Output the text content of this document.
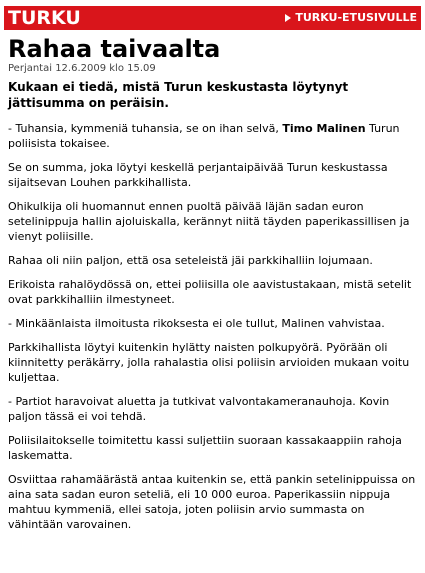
TURKU	TURKU-ETUSIVULLE
Rahaa taivaalta
Perjantai 12.6.2009 klo 15.09

Kukaan ei tiedä, mistä Turun keskustasta löytynyt jättisumma on peräisin.

- Tuhansia, kymmeniä tuhansia, se on ihan selvä, Timo Malinen Turun poliisista tokaisee.

Se on summa, joka löytyi keskellä perjantaipäivää Turun keskustassa sijaitsevan Louhen parkkihallista.

Ohikulkija oli huomannut ennen puoltä päivää läjän sadan euron setelinippuja hallin ajoluiskalla, kerännyt niitä täyden paperikassillisen ja vienyt poliisille.

Rahaa oli niin paljon, että osa seteleistä jäi parkkihalliin lojumaan.

Erikoista rahalöydössä on, ettei poliisilla ole aavistustakaan, mistä setelit ovat parkkihalliin ilmestyneet.

- Minkäänlaista ilmoitusta rikoksesta ei ole tullut, Malinen vahvistaa.

Parkkihallista löytyi kuitenkin hylätty naisten polkupyörä. Pyörään oli kiinnitetty peräkärry, jolla rahalastia olisi poliisin arvioiden mukaan voitu kuljettaa.

- Partiot haravoivat aluetta ja tutkivat valvontakameranauhoja. Kovin paljon tässä ei voi tehdä.

Poliisilaitokselle toimitettu kassi suljettiin suoraan kassakaappiin rahoja laskematta.

Osviittaa rahamäärästä antaa kuitenkin se, että pankin setelinippuissa on aina sata sadan euron seteliä, eli 10 000 euroa. Paperikassiin nippuja mahtuu kymmeniä, ellei satoja, joten poliisin arvio summasta on vähintään varovainen.
